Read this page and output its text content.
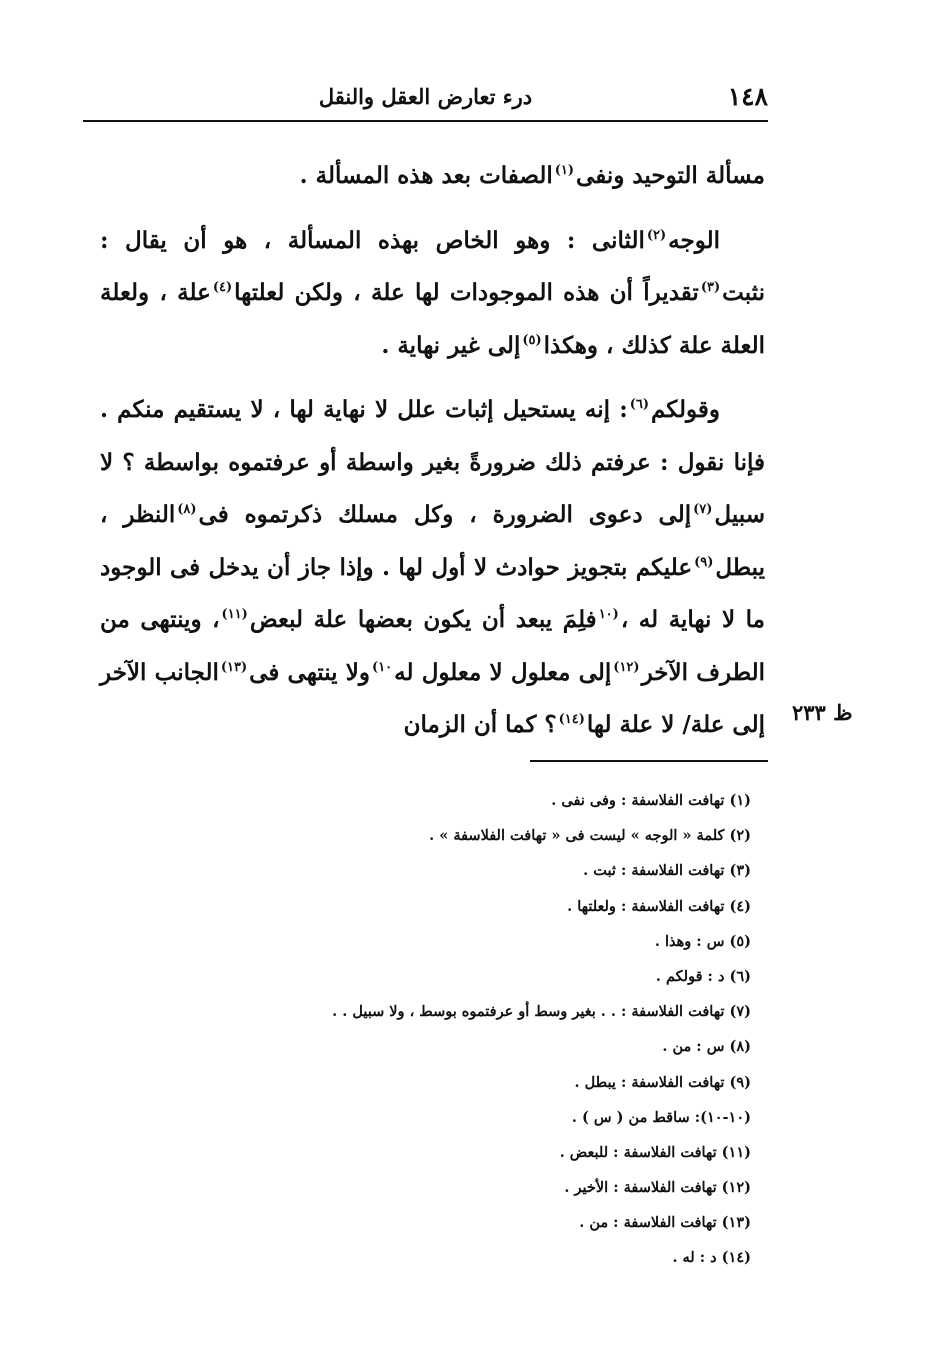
١٤٨
درء تعارض العقل والنقل

مسألة التوحيد ونفى$^{(١)}$الصفات بعد هذه المسألة .

الوجه$^{(٢)}$الثانى : وهو الخاص بهذه المسألة ، هو أن يقال : نثبت$^{(٣)}$تقديراً أن هذه الموجودات لها علة ، ولكن لعلتها$^{(٤)}$علة ، ولعلة العلة علة كذلك ، وهكذا$^{(٥)}$إلى غير نهاية .

وقولكم$^{(٦)}$: إنه يستحيل إثبات علل لا نهاية لها ، لا يستقيم منكم . فإنا نقول : عرفتم ذلك ضرورةً بغير واسطة أو عرفتموه بواسطة ؟ لا سبيل$^{(٧)}$إلى دعوى الضرورة ، وكل مسلك ذكرتموه فى$^{(٨)}$النظر ، يبطل$^{(٩)}$عليكم بتجويز حوادث لا أول لها . وإذا جاز أن يدخل فى الوجود ما لا نهاية له ،$^{(١٠}$فلِمَ يبعد أن يكون بعضها علة لبعض$^{(١١)}$، وينتهى من الطرف الآخر$^{(١٢)}$إلى معلول لا معلول له$^{١٠)}$ولا ينتهى فى$^{(١٣)}$الجانب الآخر إلى علة/ لا علة لها$^{(١٤)}$؟ كما أن الزمان	ظ ٢٣٣
(١) تهافت الفلاسفة : وفى نفى .
(٢) كلمة « الوجه » ليست فى « تهافت الفلاسفة » .
(٣) تهافت الفلاسفة : ثبت .
(٤) تهافت الفلاسفة : ولعلتها .
(٥) س : وهذا .
(٦) د : قولكم .
(٧) تهافت الفلاسفة : . . بغير وسط أو عرفتموه بوسط ، ولا سبيل . .
(٨) س : من .
(٩) تهافت الفلاسفة : يبطل .
(١٠-١٠): ساقط من ( س ) .
(١١) تهافت الفلاسفة : للبعض .
(١٢) تهافت الفلاسفة : الأخير .
(١٣) تهافت الفلاسفة : من .
(١٤) د : له .
